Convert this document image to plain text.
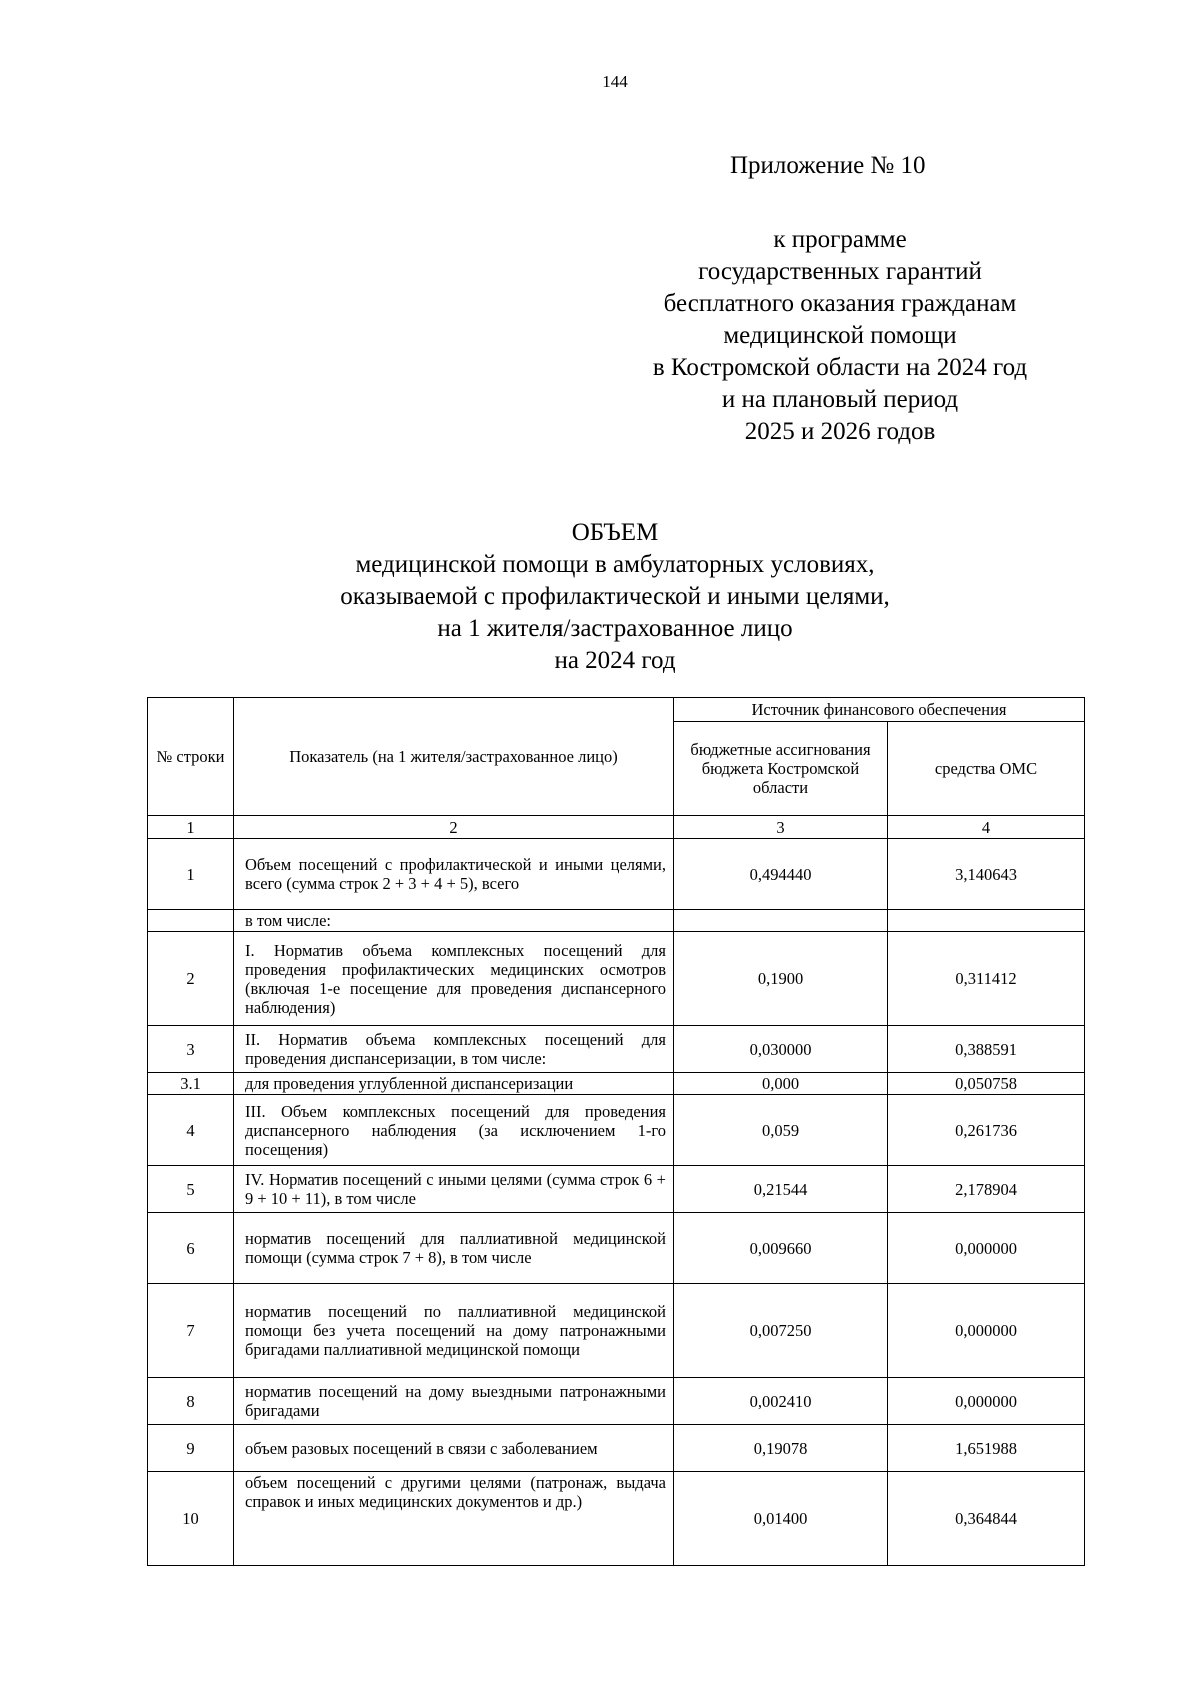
144
Приложение № 10
к программе
государственных гарантий
бесплатного оказания гражданам
медицинской помощи
в Костромской области на 2024 год
и на плановый период
2025 и 2026 годов
ОБЪЕМ
медицинской помощи в амбулаторных условиях,
оказываемой с профилактической и иными целями,
на 1 жителя/застрахованное лицо
на 2024 год
№ строки	Показатель (на 1 жителя/застрахованное лицо)	Источник финансового обеспечения	
		бюджетные ассигнования бюджета Костромской области	средства ОМС
1	2	3	4
1	Объем посещений с профилактической и иными целями, всего (сумма строк 2 + 3 + 4 + 5), всего	0,494440	3,140643
	в том числе:		
2	I. Норматив объема комплексных посещений для проведения профилактических медицинских осмотров (включая 1-е посещение для проведения диспансерного наблюдения)	0,1900	0,311412
3	II. Норматив объема комплексных посещений для проведения диспансеризации, в том числе:	0,030000	0,388591
3.1	для проведения углубленной диспансеризации	0,000	0,050758
4	III. Объем комплексных посещений для проведения диспансерного наблюдения (за исключением 1-го посещения)	0,059	0,261736
5	IV. Норматив посещений с иными целями (сумма строк 6 + 9 + 10 + 11), в том числе	0,21544	2,178904
6	норматив посещений для паллиативной медицинской помощи (сумма строк 7 + 8), в том числе	0,009660	0,000000
7	норматив посещений по паллиативной медицинской помощи без учета посещений на дому патронажными бригадами паллиативной медицинской помощи	0,007250	0,000000
8	норматив посещений на дому выездными патронажными бригадами	0,002410	0,000000
9	объем разовых посещений в связи с заболеванием	0,19078	1,651988
10	объем посещений с другими целями (патронаж, выдача справок и иных медицинских документов и др.)	0,01400	0,364844
